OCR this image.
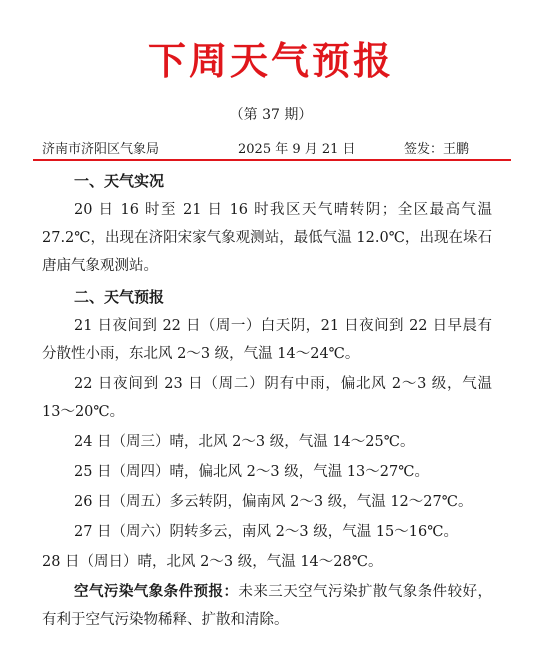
下周天气预报
（第 37 期）
济南市济阳区气象局	2025 年 9 月 21 日	签发：王鹏
一、天气实况
20 日 16 时至 21 日 16 时我区天气晴转阴；全区最高气温 27.2℃，出现在济阳宋家气象观测站，最低气温 12.0℃，出现在垛石唐庙气象观测站。
二、天气预报
21 日夜间到 22 日（周一）白天阴，21 日夜间到 22 日早晨有分散性小雨，东北风 2～3 级，气温 14～24℃。
22 日夜间到 23 日（周二）阴有中雨，偏北风 2～3 级，气温 13～20℃。
24 日（周三）晴，北风 2～3 级，气温 14～25℃。
25 日（周四）晴，偏北风 2～3 级，气温 13～27℃。
26 日（周五）多云转阴，偏南风 2～3 级，气温 12～27℃。
27 日（周六）阴转多云，南风 2～3 级，气温 15～16℃。
28 日（周日）晴，北风 2～3 级，气温 14～28℃。
空气污染气象条件预报：未来三天空气污染扩散气象条件较好，有利于空气污染物稀释、扩散和清除。
